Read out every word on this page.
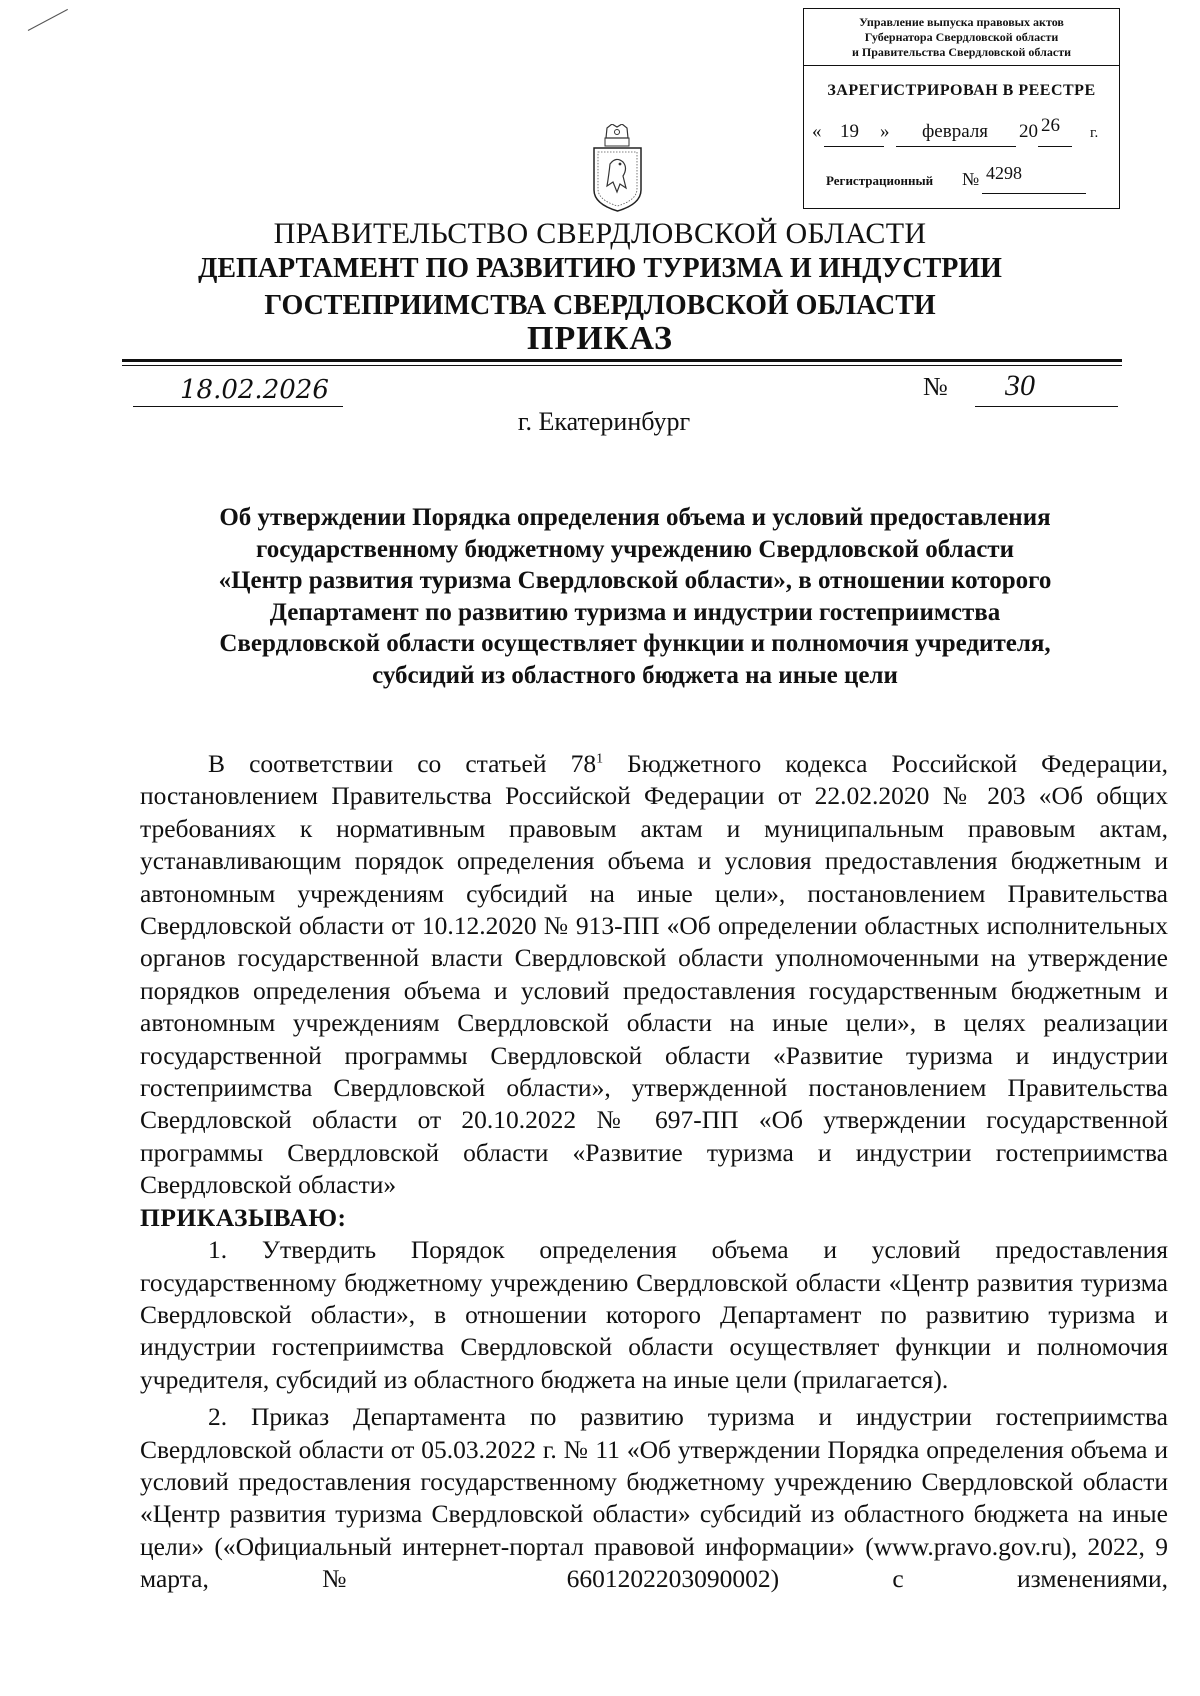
Управление выпуска правовых актов
Губернатора Свердловской области
и Правительства Свердловской области
ЗАРЕГИСТРИРОВАН В РЕЕСТРЕ
« 19 » февраля 20 26 г.
Регистрационный № 4298
ПРАВИТЕЛЬСТВО СВЕРДЛОВСКОЙ ОБЛАСТИ
ДЕПАРТАМЕНТ ПО РАЗВИТИЮ ТУРИЗМА И ИНДУСТРИИ
ГОСТЕПРИИМСТВА СВЕРДЛОВСКОЙ ОБЛАСТИ
ПРИКАЗ
18.02.2026	№ 30
г. Екатеринбург
Об утверждении Порядка определения объема и условий предоставления
государственному бюджетному учреждению Свердловской области
«Центр развития туризма Свердловской области», в отношении которого
Департамент по развитию туризма и индустрии гостеприимства
Свердловской области осуществляет функции и полномочия учредителя,
субсидий из областного бюджета на иные цели

В соответствии со статьей $78^1$ Бюджетного кодекса Российской Федерации, постановлением Правительства Российской Федерации от 22.02.2020 № 203 «Об общих требованиях к нормативным правовым актам и муниципальным правовым актам, устанавливающим порядок определения объема и условия предоставления бюджетным и автономным учреждениям субсидий на иные цели», постановлением Правительства Свердловской области от 10.12.2020 № 913-ПП «Об определении областных исполнительных органов государственной власти Свердловской области уполномоченными на утверждение порядков определения объема и условий предоставления государственным бюджетным и автономным учреждениям Свердловской области на иные цели», в целях реализации государственной программы Свердловской области «Развитие туризма и индустрии гостеприимства Свердловской области», утвержденной постановлением Правительства Свердловской области от 20.10.2022 № 697-ПП «Об утверждении государственной программы Свердловской области «Развитие туризма и индустрии гостеприимства Свердловской области»

ПРИКАЗЫВАЮ:

1. Утвердить Порядок определения объема и условий предоставления государственному бюджетному учреждению Свердловской области «Центр развития туризма Свердловской области», в отношении которого Департамент по развитию туризма и индустрии гостеприимства Свердловской области осуществляет функции и полномочия учредителя, субсидий из областного бюджета на иные цели (прилагается).

2. Приказ Департамента по развитию туризма и индустрии гостеприимства Свердловской области от 05.03.2022 г. № 11 «Об утверждении Порядка определения объема и условий предоставления государственному бюджетному учреждению Свердловской области «Центр развития туризма Свердловской области» субсидий из областного бюджета на иные цели» («Официальный интернет-портал правовой информации» (www.pravo.gov.ru), 2022, 9 марта, № 6601202203090002) с изменениями,
